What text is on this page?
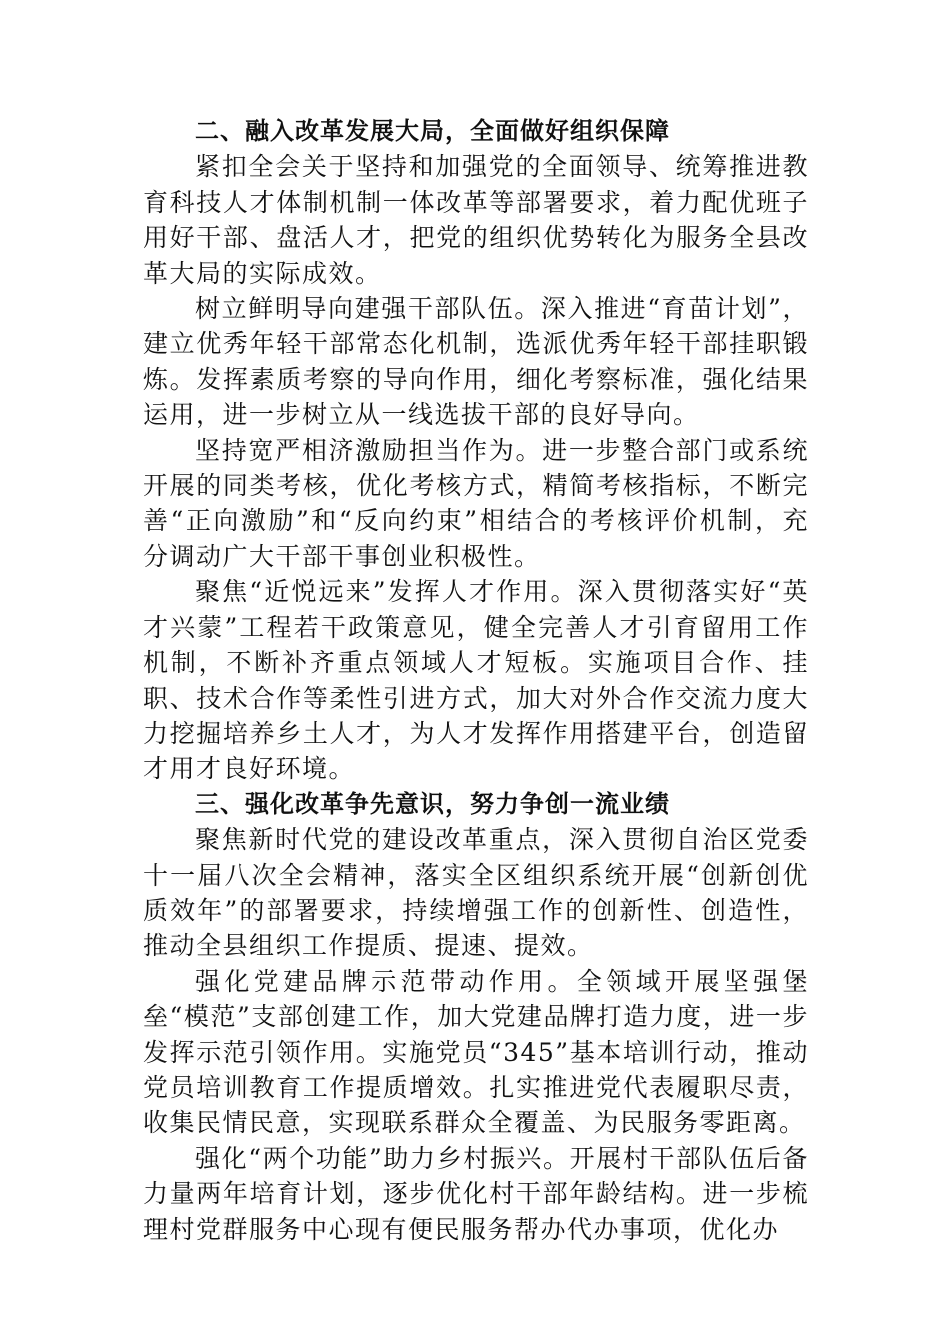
二、融入改革发展大局，全面做好组织保障

紧扣全会关于坚持和加强党的全面领导、统筹推进教育科技人才体制机制一体改革等部署要求，着力配优班子用好干部、盘活人才，把党的组织优势转化为服务全县改革大局的实际成效。

树立鲜明导向建强干部队伍。深入推进“育苗计划”，建立优秀年轻干部常态化机制，选派优秀年轻干部挂职锻炼。发挥素质考察的导向作用，细化考察标准，强化结果运用，进一步树立从一线选拔干部的良好导向。

坚持宽严相济激励担当作为。进一步整合部门或系统开展的同类考核，优化考核方式，精简考核指标，不断完善“正向激励”和“反向约束”相结合的考核评价机制，充分调动广大干部干事创业积极性。

聚焦“近悦远来”发挥人才作用。深入贯彻落实好“英才兴蒙”工程若干政策意见，健全完善人才引育留用工作机制，不断补齐重点领域人才短板。实施项目合作、挂职、技术合作等柔性引进方式，加大对外合作交流力度大力挖掘培养乡土人才，为人才发挥作用搭建平台，创造留才用才良好环境。

三、强化改革争先意识，努力争创一流业绩

聚焦新时代党的建设改革重点，深入贯彻自治区党委十一届八次全会精神，落实全区组织系统开展“创新创优质效年”的部署要求，持续增强工作的创新性、创造性，推动全县组织工作提质、提速、提效。

强化党建品牌示范带动作用。全领域开展坚强堡垒“模范”支部创建工作，加大党建品牌打造力度，进一步发挥示范引领作用。实施党员“345”基本培训行动，推动党员培训教育工作提质增效。扎实推进党代表履职尽责，收集民情民意，实现联系群众全覆盖、为民服务零距离。

强化“两个功能”助力乡村振兴。开展村干部队伍后备力量两年培育计划，逐步优化村干部年龄结构。进一步梳理村党群服务中心现有便民服务帮办代办事项，优化办
